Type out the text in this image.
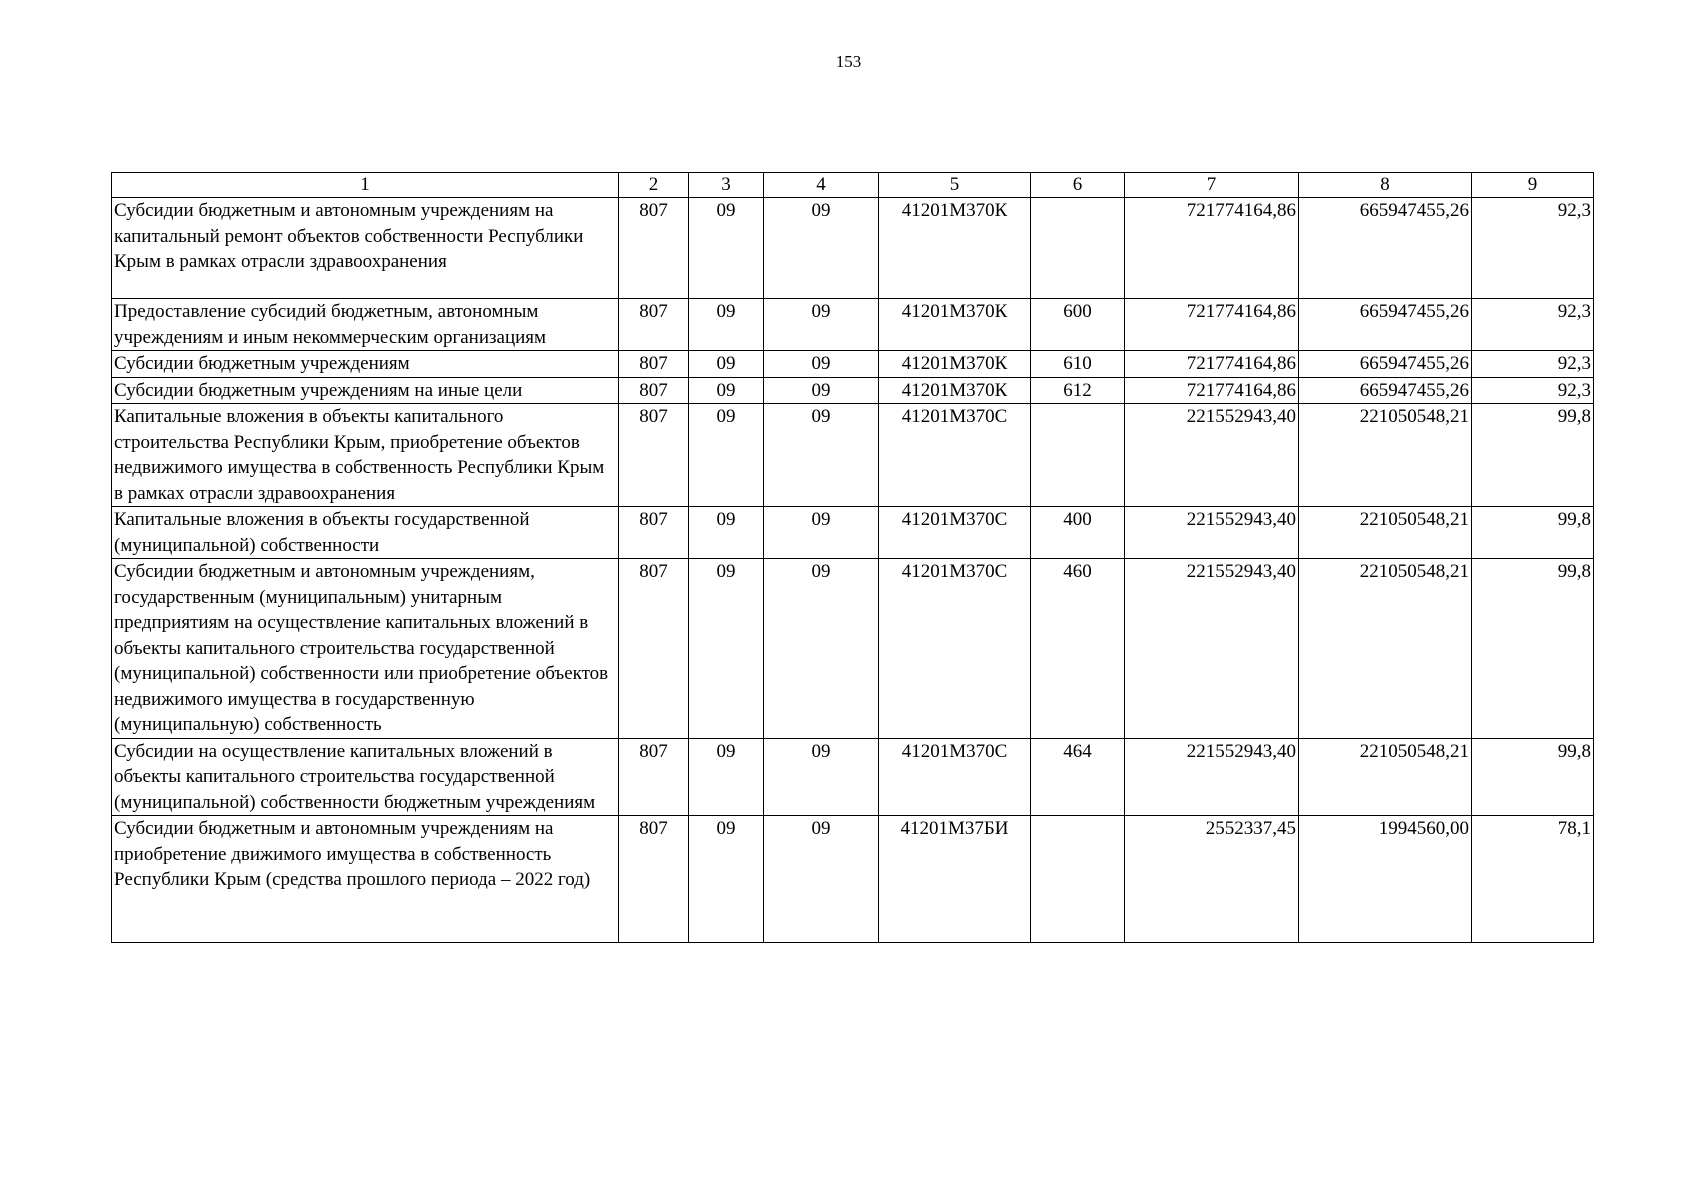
153
1	2	3	4	5	6	7	8	9
Субсидии бюджетным и автономным учреждениям на капитальный ремонт объектов собственности Республики Крым в рамках отрасли здравоохранения	807	09	09	41201М370К		721774164,86	665947455,26	92,3
Предоставление субсидий бюджетным, автономным учреждениям и иным некоммерческим организациям	807	09	09	41201М370К	600	721774164,86	665947455,26	92,3
Субсидии бюджетным учреждениям	807	09	09	41201М370К	610	721774164,86	665947455,26	92,3
Субсидии бюджетным учреждениям на иные цели	807	09	09	41201М370К	612	721774164,86	665947455,26	92,3
Капитальные вложения в объекты капитального строительства Республики Крым, приобретение объектов недвижимого имущества в собственность Республики Крым в рамках отрасли здравоохранения	807	09	09	41201М370С		221552943,40	221050548,21	99,8
Капитальные вложения в объекты государственной (муниципальной) собственности	807	09	09	41201М370С	400	221552943,40	221050548,21	99,8
Субсидии бюджетным и автономным учреждениям, государственным (муниципальным) унитарным предприятиям на осуществление капитальных вложений в объекты капитального строительства государственной (муниципальной) собственности или приобретение объектов недвижимого имущества в государственную (муниципальную) собственность	807	09	09	41201М370С	460	221552943,40	221050548,21	99,8
Субсидии на осуществление капитальных вложений в объекты капитального строительства государственной (муниципальной) собственности бюджетным учреждениям	807	09	09	41201М370С	464	221552943,40	221050548,21	99,8
Субсидии бюджетным и автономным учреждениям на приобретение движимого имущества в собственность Республики Крым (средства прошлого периода – 2022 год)	807	09	09	41201М37БИ		2552337,45	1994560,00	78,1
